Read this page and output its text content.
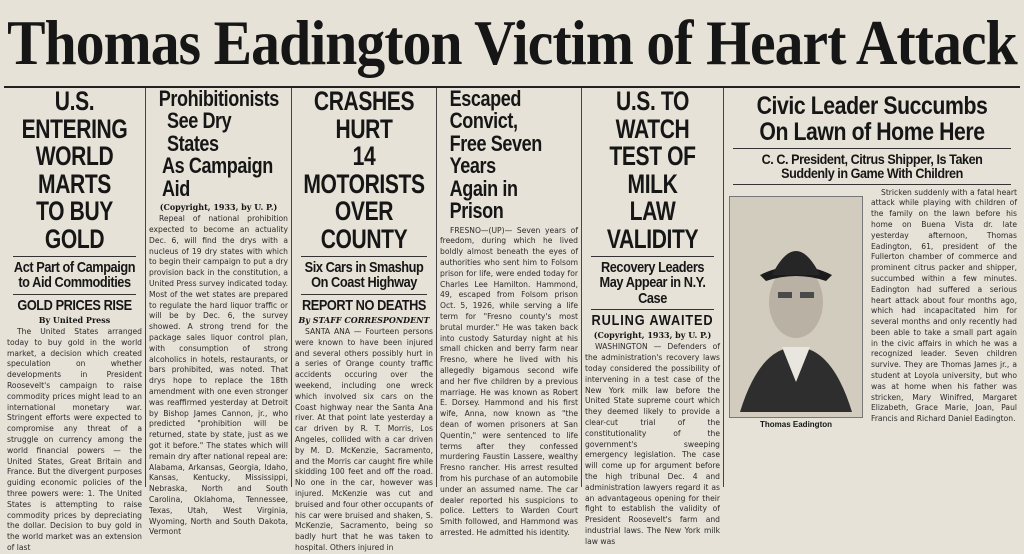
Thomas Eadington Victim of Heart Attack
U.S. ENTERING
WORLD MARTS
TO BUY GOLD
Act Part of Campaign to Aid Commodities
GOLD PRICES RISE
By United Press

The United States arranged today to buy gold in the world market, a decision which created speculation on whether developments in President Roosevelt's campaign to raise commodity prices might lead to an international monetary war. Stringent efforts were expected to compromise any threat of a struggle on currency among the world financial powers — the United States, Great Britain and France. But the divergent purposes guiding economic policies of the three powers were: 1. The United States is attempting to raise commodity prices by depreciating the dollar. Decision to buy gold in the world market was an extension of last

Prohibitionists
See Dry States
As Campaign Aid
(Copyright, 1933, by U. P.)

Repeal of national prohibition expected to become an actuality Dec. 6, will find the drys with a nucleus of 19 dry states with which to begin their campaign to put a dry provision back in the constitution, a United Press survey indicated today. Most of the wet states are prepared to regulate the hard liquor traffic or will be by Dec. 6, the survey showed. A strong trend for the package sales liquor control plan, with consumption of strong alcoholics in hotels, restaurants, or bars prohibited, was noted. That drys hope to replace the 18th amendment with one even stronger was reaffirmed yesterday at Detroit by Bishop James Cannon, jr., who predicted "prohibition will be returned, state by state, just as we got it before." The states which will remain dry after national repeal are: Alabama, Arkansas, Georgia, Idaho, Kansas, Kentucky, Mississippi, Nebraska, North and South Carolina, Oklahoma, Tennessee, Texas, Utah, West Virginia, Wyoming, North and South Dakota, Vermont

CRASHES HURT
14 MOTORISTS
OVER COUNTY
Six Cars in Smashup On Coast Highway
REPORT NO DEATHS
By STAFF CORRESPONDENT

SANTA ANA — Fourteen persons were known to have been injured and several others possibly hurt in a series of Orange county traffic accidents occuring over the weekend, including one wreck which involved six cars on the Coast highway near the Santa Ana river. At that point late yesterday a car driven by R. T. Morris, Los Angeles, collided with a car driven by M. D. McKenzie, Sacramento, and the Morris car caught fire while skidding 100 feet and off the road. No one in the car, however was injured. McKenzie was cut and bruised and four other occupants of his car were bruised and shaken, S. McKenzie, Sacramento, being so badly hurt that he was taken to hospital. Others injured in

Escaped Convict,
Free Seven Years
Again in Prison

FRESNO—(UP)— Seven years of freedom, during which he lived boldly almost beneath the eyes of authorities who sent him to Folsom prison for life, were ended today for Charles Lee Hamilton. Hammond, 49, escaped from Folsom prison Oct. 5, 1926, while serving a life term for "Fresno county's most brutal murder." He was taken back into custody Saturday night at his small chicken and berry farm near Fresno, where he lived with his allegedly bigamous second wife and her five children by a previous marriage. He was known as Robert E. Dorsey. Hammond and his first wife, Anna, now known as "the dean of women prisoners at San Quentin," were sentenced to life terms after they confessed murdering Faustin Lassere, wealthy Fresno rancher. His arrest resulted from his purchase of an automobile under an assumed name. The car dealer reported his suspicions to police. Letters to Warden Court Smith followed, and Hammond was arrested. He admitted his identity.

U.S. TO WATCH
TEST OF MILK
LAW VALIDITY
Recovery Leaders May Appear in N.Y. Case
RULING AWAITED
(Copyright, 1933, by U. P.)

WASHINGTON — Defenders of the administration's recovery laws today considered the possibility of intervening in a test case of the New York milk law before the United State supreme court which they deemed likely to provide a clear-cut trial of the constitutionality of the government's sweeping emergency legislation. The case will come up for argument before the high tribunal Dec. 4 and administration lawyers regard it as an advantageous opening for their fight to establish the validity of President Roosevelt's farm and industrial laws. The New York milk law was

Civic Leader Succumbs
On Lawn of Home Here
C. C. President, Citrus Shipper, Is Taken Suddenly in Game With Children
Thomas Eadington

Stricken suddenly with a fatal heart attack while playing with children of the family on the lawn before his home on Buena Vista dr. late yesterday afternoon, Thomas Eadington, 61, president of the Fullerton chamber of commerce and prominent citrus packer and shipper, succumbed within a few minutes. Eadington had suffered a serious heart attack about four months ago, which had incapacitated him for several months and only recently had been able to take a small part again in the civic affairs in which he was a recognized leader. Seven children survive. They are Thomas James jr., a student at Loyola university, but who was at home when his father was stricken, Mary Winifred, Margaret Elizabeth, Grace Marie, Joan, Paul Francis and Richard Daniel Eadington.
